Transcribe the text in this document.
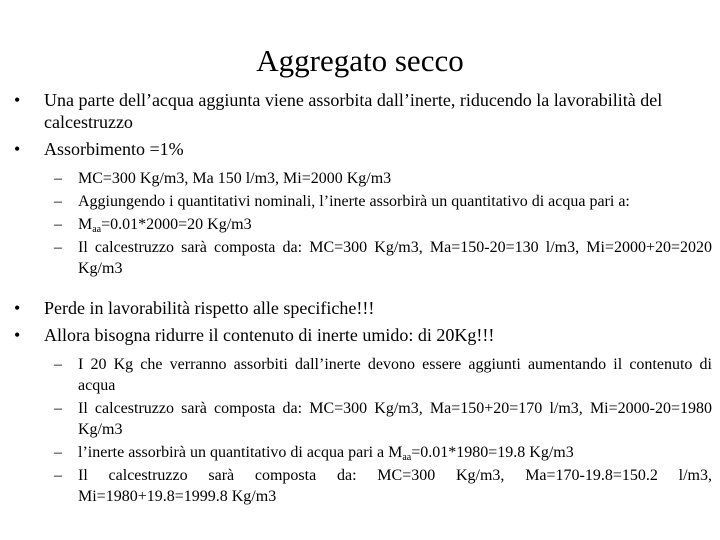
Aggregato secco
•	Una parte dell’acqua aggiunta viene assorbita dall’inerte, riducendo la lavorabilità del calcestruzzo
•	Assorbimento =1%
–	MC=300 Kg/m3, Ma 150 l/m3, Mi=2000 Kg/m3
–	Aggiungendo i quantitativi nominali, l’inerte assorbirà un quantitativo di acqua pari a:
–	$M_{aa}=0.01*2000=20$ Kg/m3
–	Il calcestruzzo sarà composta da: MC=300 Kg/m3, Ma=150-20=130 l/m3, Mi=2000+20=2020 Kg/m3
•	Perde in lavorabilità rispetto alle specifiche!!!
•	Allora bisogna ridurre il contenuto di inerte umido: di 20Kg!!!
–	I 20 Kg che verranno assorbiti dall’inerte devono essere aggiunti aumentando il contenuto di acqua
–	Il calcestruzzo sarà composta da: MC=300 Kg/m3, Ma=150+20=170 l/m3, Mi=2000-20=1980 Kg/m3
–	l’inerte assorbirà un quantitativo di acqua pari a $M_{aa}=0.01*1980=19.8$ Kg/m3
–	Il calcestruzzo sarà composta da: MC=300 Kg/m3, Ma=170-19.8=150.2 l/m3, Mi=1980+19.8=1999.8 Kg/m3
